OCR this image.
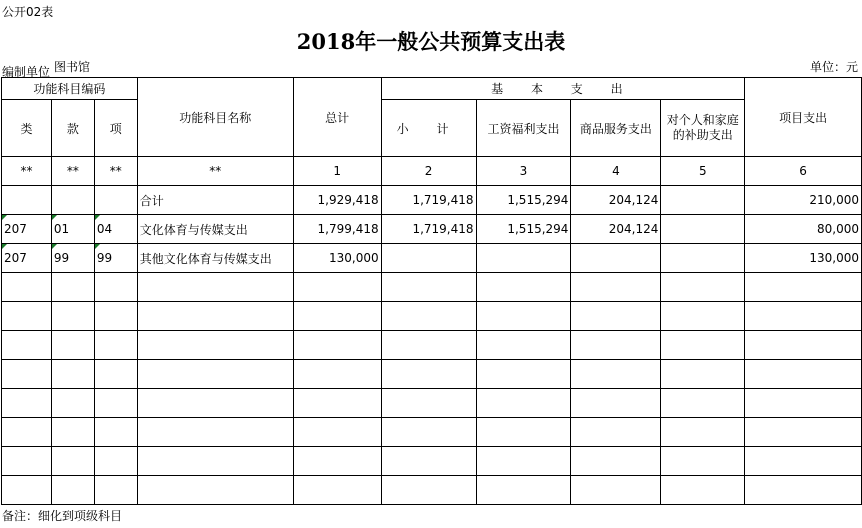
公开02表
2018年一般公共预算支出表
编制单位 图书馆	单位：元
功能科目编码			功能科目名称	总计	基 本 支 出				项目支出
类	款	项			小 计	工资福利支出	商品服务支出	对个人和家庭的补助支出	
**	**	**	**	1	2	3	4	5	6
			合计	1,929,418	1,719,418	1,515,294	204,124		210,000
207	01	04	文化体育与传媒支出	1,799,418	1,719,418	1,515,294	204,124		80,000
207	99	99	其他文化体育与传媒支出	130,000					130,000

备注：细化到项级科目
